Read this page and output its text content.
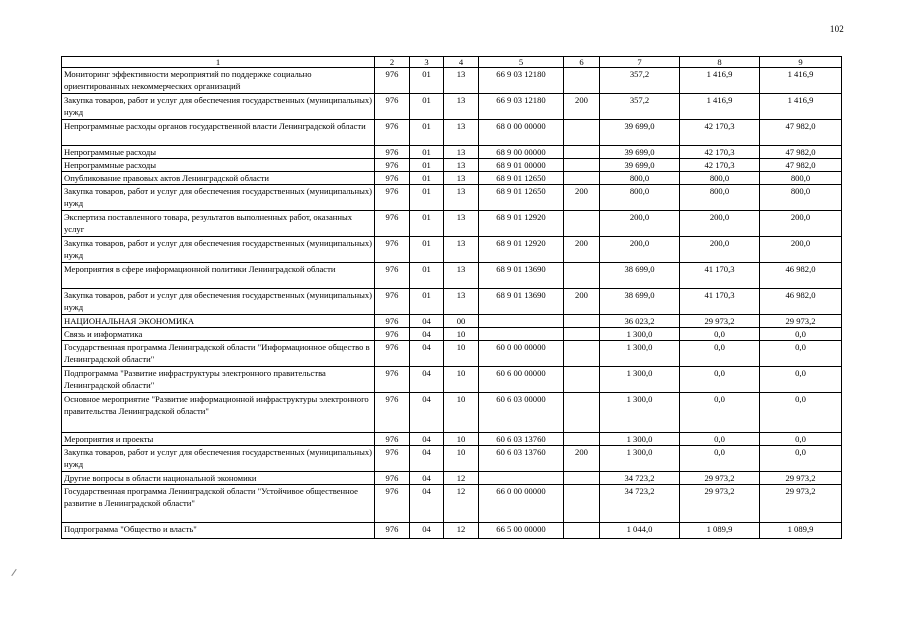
102
1	2	3	4	5	6	7	8	9
Мониторинг эффективности мероприятий по поддержке социально ориентированных некоммерческих организаций	976	01	13	66 9 03 12180		357,2	1 416,9	1 416,9
Закупка товаров, работ и услуг для обеспечения государственных (муниципальных) нужд	976	01	13	66 9 03 12180	200	357,2	1 416,9	1 416,9
Непрограммные расходы органов государственной власти Ленинградской области	976	01	13	68 0 00 00000		39 699,0	42 170,3	47 982,0
Непрограммные расходы	976	01	13	68 9 00 00000		39 699,0	42 170,3	47 982,0
Непрограммные расходы	976	01	13	68 9 01 00000		39 699,0	42 170,3	47 982,0
Опубликование правовых актов Ленинградской области	976	01	13	68 9 01 12650		800,0	800,0	800,0
Закупка товаров, работ и услуг для обеспечения государственных (муниципальных) нужд	976	01	13	68 9 01 12650	200	800,0	800,0	800,0
Экспертиза поставленного товара, результатов выполненных работ, оказанных услуг	976	01	13	68 9 01 12920		200,0	200,0	200,0
Закупка товаров, работ и услуг для обеспечения государственных (муниципальных) нужд	976	01	13	68 9 01 12920	200	200,0	200,0	200,0
Мероприятия в сфере информационной политики Ленинградской области	976	01	13	68 9 01 13690		38 699,0	41 170,3	46 982,0
Закупка товаров, работ и услуг для обеспечения государственных (муниципальных) нужд	976	01	13	68 9 01 13690	200	38 699,0	41 170,3	46 982,0
НАЦИОНАЛЬНАЯ ЭКОНОМИКА	976	04	00			36 023,2	29 973,2	29 973,2
Связь и информатика	976	04	10			1 300,0	0,0	0,0
Государственная программа Ленинградской области "Информационное общество в Ленинградской области"	976	04	10	60 0 00 00000		1 300,0	0,0	0,0
Подпрограмма "Развитие инфраструктуры электронного правительства Ленинградской области"	976	04	10	60 6 00 00000		1 300,0	0,0	0,0
Основное мероприятие "Развитие информационной инфраструктуры электронного правительства Ленинградской области"	976	04	10	60 6 03 00000		1 300,0	0,0	0,0
Мероприятия и проекты	976	04	10	60 6 03 13760		1 300,0	0,0	0,0
Закупка товаров, работ и услуг для обеспечения государственных (муниципальных) нужд	976	04	10	60 6 03 13760	200	1 300,0	0,0	0,0
Другие вопросы в области национальной экономики	976	04	12			34 723,2	29 973,2	29 973,2
Государственная программа Ленинградской области "Устойчивое общественное развитие в Ленинградской области"	976	04	12	66 0 00 00000		34 723,2	29 973,2	29 973,2
Подпрограмма "Общество и власть"	976	04	12	66 5 00 00000		1 044,0	1 089,9	1 089,9
